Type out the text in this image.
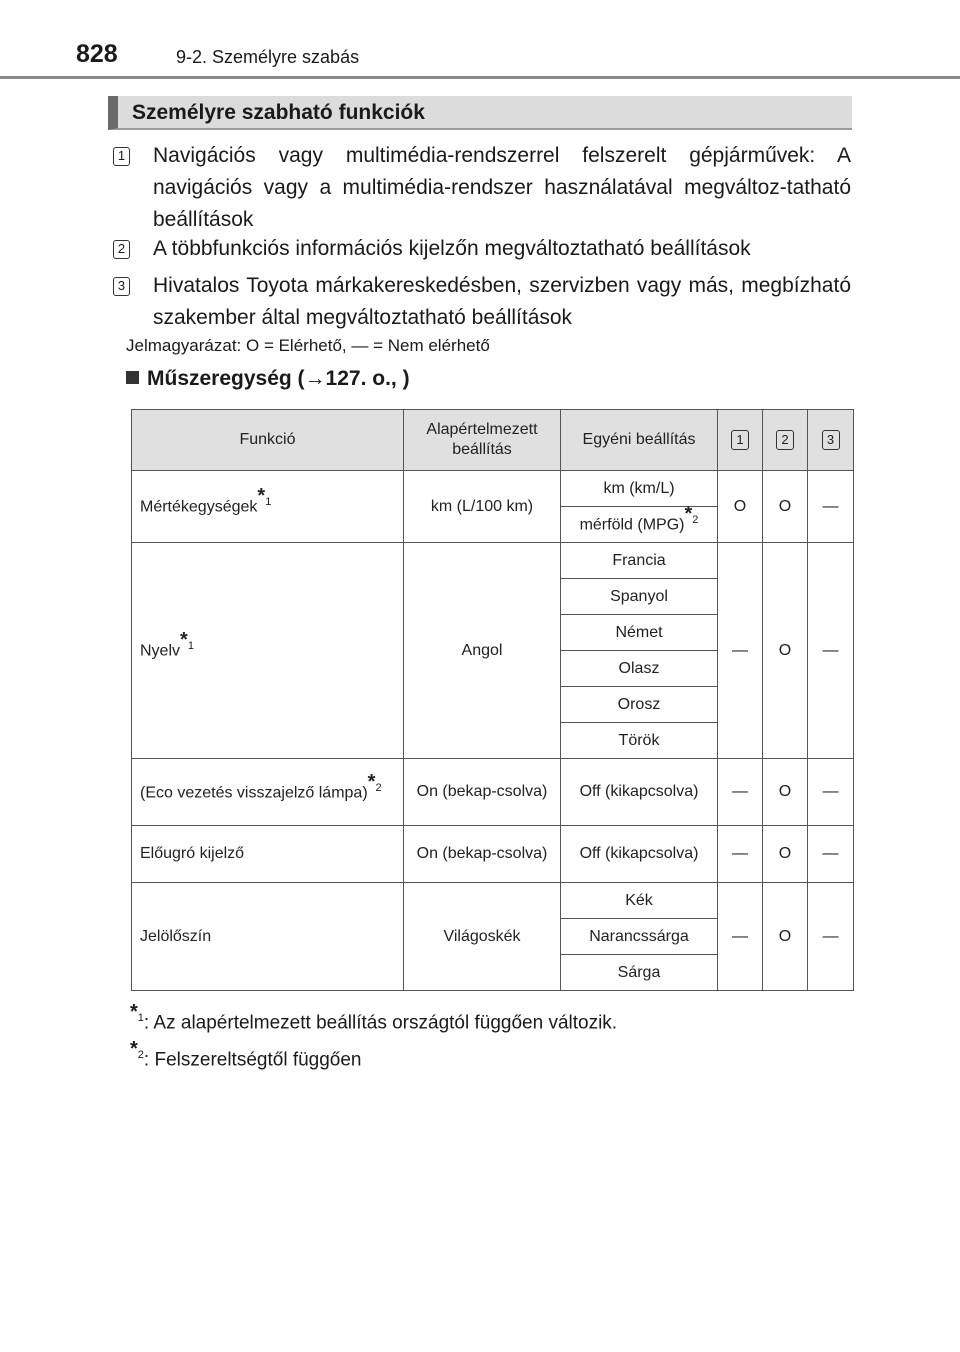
828	9-2. Személyre szabás
Személyre szabható funkciók
1 Navigációs vagy multimédia-rendszerrel felszerelt gépjárművek: A navigációs vagy a multimédia-rendszer használatával megváltoz-tatható beállítások
2 A többfunkciós információs kijelzőn megváltoztatható beállítások
3 Hivatalos Toyota márkakereskedésben, szervizben vagy más, megbízható szakember által megváltoztatható beállítások
Jelmagyarázat: O = Elérhető, — = Nem elérhető
Műszeregység (→127. o., )
Funkció	Alapértelmezett beállítás	Egyéni beállítás	1	2	3
Mértékegységek*$^1$	km (L/100 km)	km (km/L)	O	O	—
		mérföld (MPG)*$^2$
Nyelv*$^1$	Angol	Francia	—	O	—
		Spanyol			
		Német			
		Olasz			
		Orosz			
		Török			
(Eco vezetés visszajelző lámpa)*$^2$	On (bekap-csolva)	Off (kikapcsolva)	—	O	—
Előugró kijelző	On (bekap-csolva)	Off (kikapcsolva)	—	O	—
Jelölőszín	Világoskék	Kék	—	O	—
		Narancssárga			
		Sárga			
*$^1$: Az alapértelmezett beállítás országtól függően változik.
*$^2$: Felszereltségtől függően
